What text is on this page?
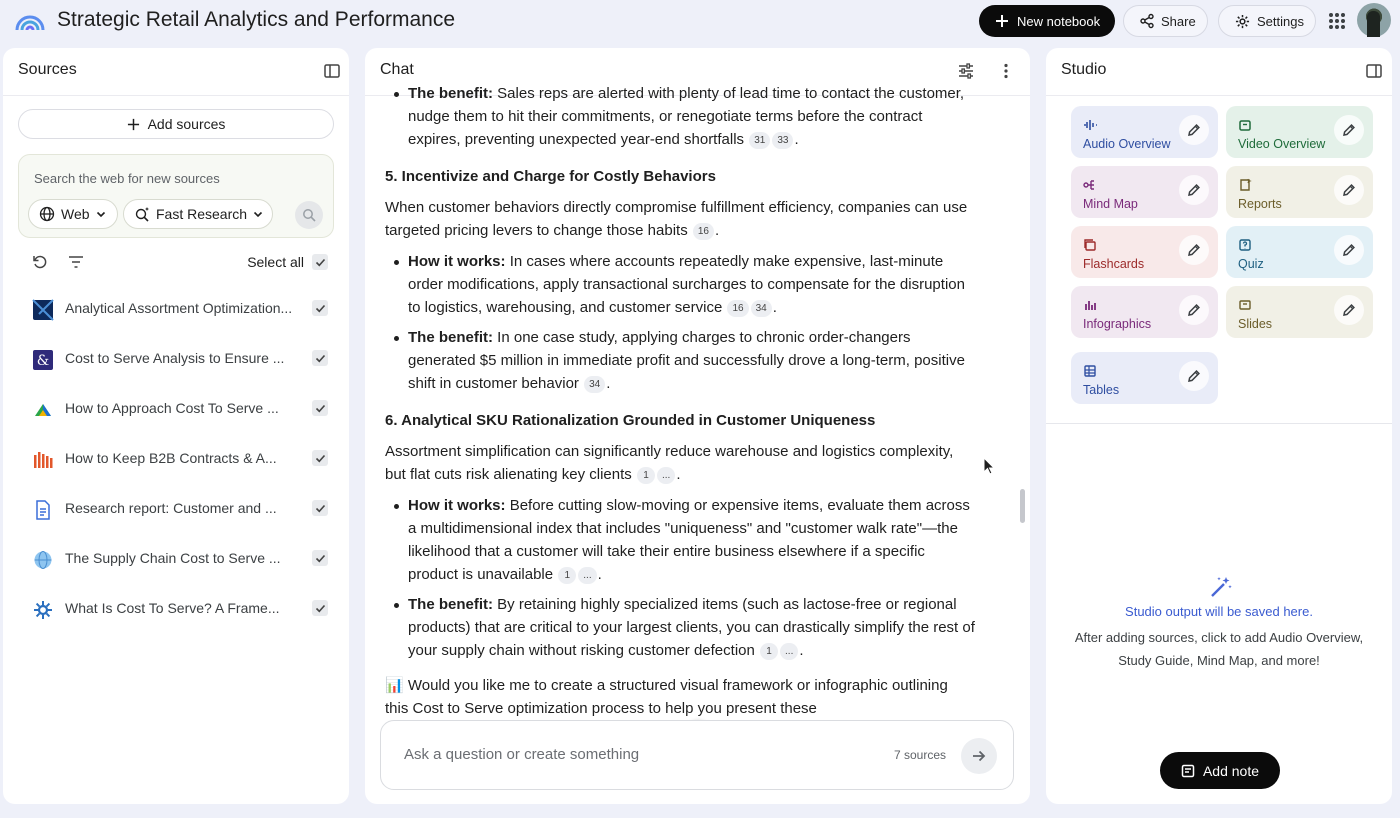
Strategic Retail Analytics and Performance	New notebook	Share	Settings
Sources
Add sources
Search the web for new sources
Web	Fast Research
Select all
Analytical Assortment Optimization...
& Cost to Serve Analysis to Ensure ...
How to Approach Cost To Serve ...
How to Keep B2B Contracts & A...
Research report: Customer and ...
The Supply Chain Cost to Serve ...
What Is Cost To Serve? A Frame...
Chat
The benefit: Sales reps are alerted with plenty of lead time to contact the customer, nudge them to hit their commitments, or renegotiate terms before the contract expires, preventing unexpected year-end shortfalls 31 33 .
5. Incentivize and Charge for Costly Behaviors

When customer behaviors directly compromise fulfillment efficiency, companies can use targeted pricing levers to change those habits 16 .

How it works: In cases where accounts repeatedly make expensive, last-minute order modifications, apply transactional surcharges to compensate for the disruption to logistics, warehousing, and customer service 16 34 .
The benefit: In one case study, applying charges to chronic order-changers generated $5 million in immediate profit and successfully drove a long-term, positive shift in customer behavior 34 .
6. Analytical SKU Rationalization Grounded in Customer Uniqueness

Assortment simplification can significantly reduce warehouse and logistics complexity, but flat cuts risk alienating key clients 1 ... .

How it works: Before cutting slow-moving or expensive items, evaluate them across a multidimensional index that includes "uniqueness" and "customer walk rate"—the likelihood that a customer will take their entire business elsewhere if a specific product is unavailable 1 ... .
The benefit: By retaining highly specialized items (such as lactose-free or regional products) that are critical to your largest clients, you can drastically simplify the rest of your supply chain without risking customer defection 1 ... .

📊 Would you like me to create a structured visual framework or infographic outlining this Cost to Serve optimization process to help you present these

Ask a question or create something	7 sources
Studio
Audio Overview	Video Overview
Mind Map	Reports
Flashcards	Quiz
Infographics	Slides
Tables
Studio output will be saved here.
After adding sources, click to add Audio Overview, Study Guide, Mind Map, and more!
Add note
